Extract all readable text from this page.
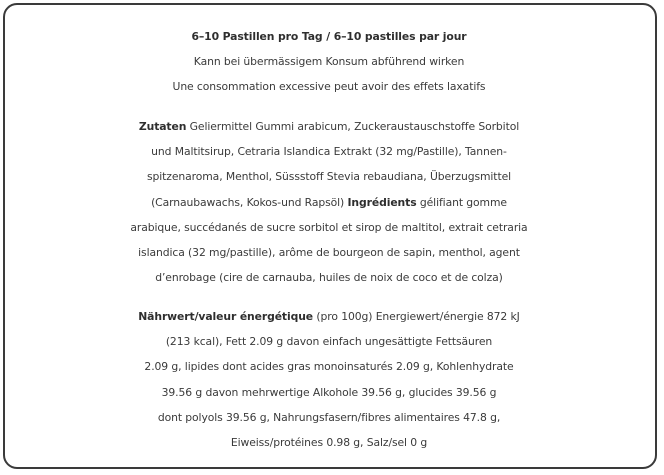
6–10 Pastillen pro Tag / 6–10 pastilles par jour
Kann bei übermässigem Konsum abführend wirken
Une consommation excessive peut avoir des effets laxatifs
Zutaten Geliermittel Gummi arabicum, Zuckeraustauschstoffe Sorbitol
und Maltitsirup, Cetraria Islandica Extrakt (32 mg/Pastille), Tannen-
spitzenaroma, Menthol, Süssstoff Stevia rebaudiana, Überzugsmittel
(Carnaubawachs, Kokos-und Rapsöl) Ingrédients gélifiant gomme
arabique, succédanés de sucre sorbitol et sirop de maltitol, extrait cetraria
islandica (32 mg/pastille), arôme de bourgeon de sapin, menthol, agent
d’enrobage (cire de carnauba, huiles de noix de coco et de colza)
Nährwert/valeur énergétique (pro 100g) Energiewert/énergie 872 kJ
(213 kcal), Fett 2.09 g davon einfach ungesättigte Fettsäuren
2.09 g, lipides dont acides gras monoinsaturés 2.09 g, Kohlenhydrate
39.56 g davon mehrwertige Alkohole 39.56 g, glucides 39.56 g
dont polyols 39.56 g, Nahrungsfasern/fibres alimentaires 47.8 g,
Eiweiss/protéines 0.98 g, Salz/sel 0 g
